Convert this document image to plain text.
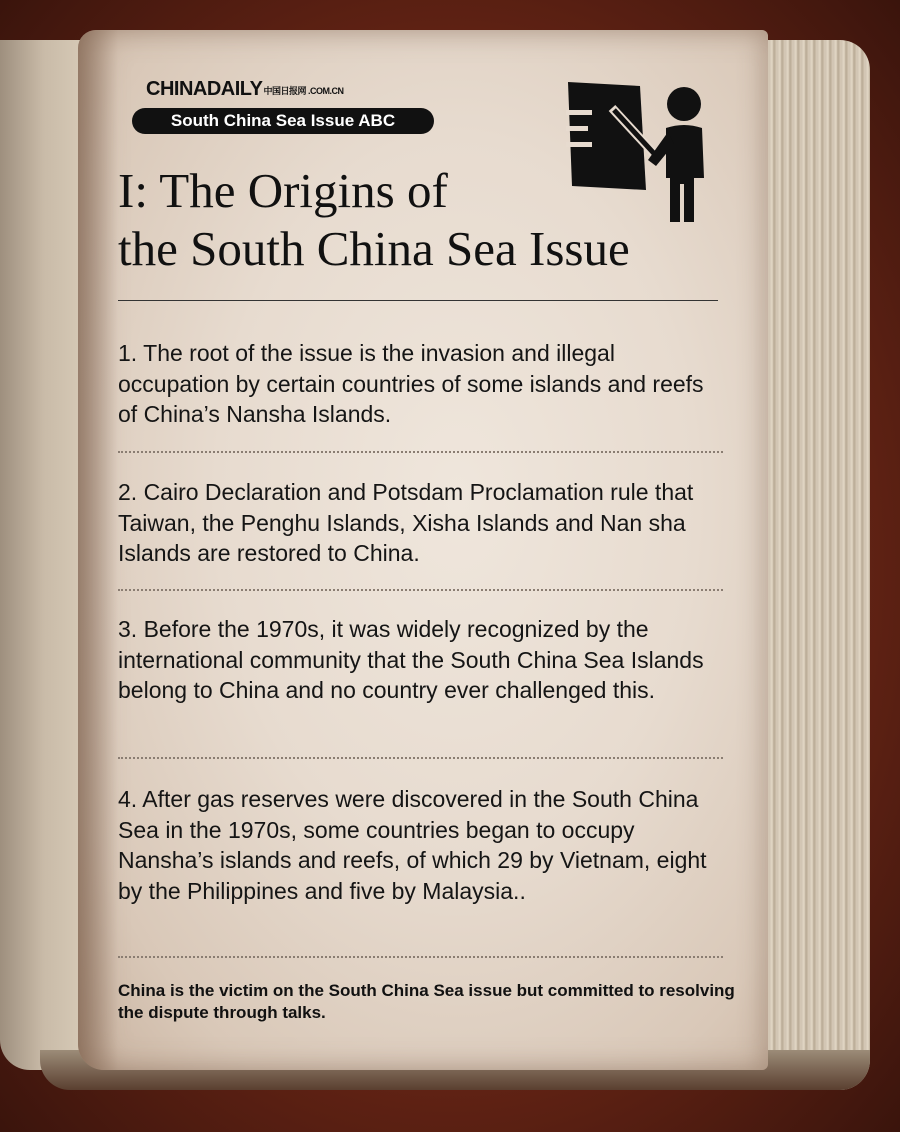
CHINADAILY中国日报网 .COM.CN
South China Sea Issue ABC
I: The Origins of
the South China Sea Issue

1. The root of the issue is the invasion and illegal occupation by certain countries of some islands and reefs of China’s Nansha Islands.

2. Cairo Declaration and Potsdam Proclamation rule that Taiwan, the Penghu Islands, Xisha Islands and Nan sha Islands are restored to China.

3. Before the 1970s, it was widely recognized by the international community that the South China Sea Islands belong to China and no country ever challenged this.

4. After gas reserves were discovered in the South China Sea in the 1970s, some countries began to occupy Nansha’s islands and reefs, of which 29 by Vietnam, eight by the Philippines and five by Malaysia..

China is the victim on the South China Sea issue but committed to resolving the dispute through talks.
